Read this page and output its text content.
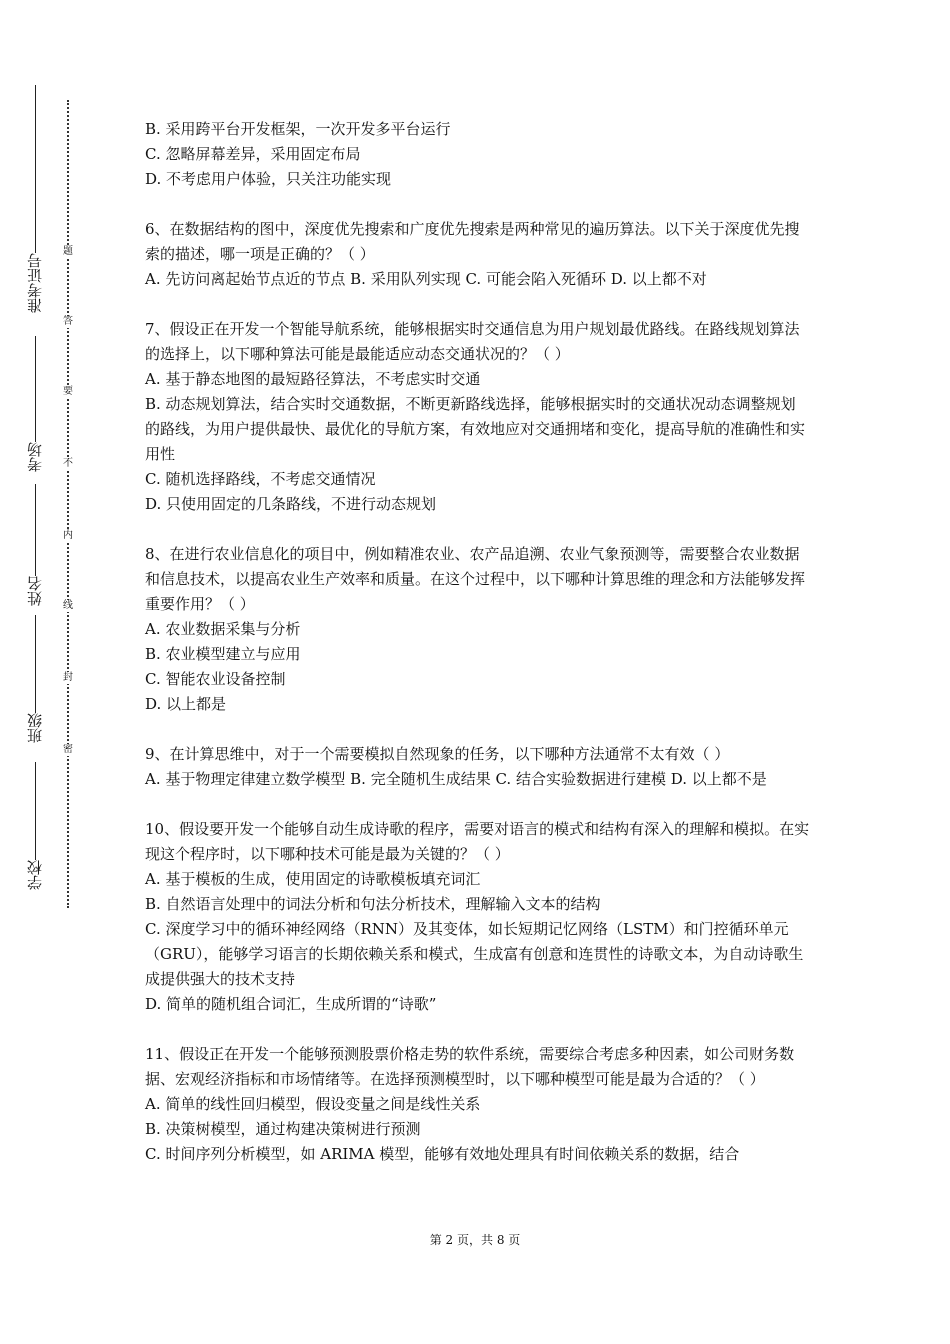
准考证号
考场
姓名
班级
学校
题
答
要
不
内
线
封
密

B. 采用跨平台开发框架，一次开发多平台运行

C. 忽略屏幕差异，采用固定布局

D. 不考虑用户体验，只关注功能实现

6、在数据结构的图中，深度优先搜索和广度优先搜索是两种常见的遍历算法。以下关于深度优先搜索的描述，哪一项是正确的？（ ）

A. 先访问离起始节点近的节点 B. 采用队列实现 C. 可能会陷入死循环 D. 以上都不对

7、假设正在开发一个智能导航系统，能够根据实时交通信息为用户规划最优路线。在路线规划算法的选择上，以下哪种算法可能是最能适应动态交通状况的？（ ）

A. 基于静态地图的最短路径算法，不考虑实时交通

B. 动态规划算法，结合实时交通数据，不断更新路线选择，能够根据实时的交通状况动态调整规划的路线，为用户提供最快、最优化的导航方案，有效地应对交通拥堵和变化，提高导航的准确性和实用性

C. 随机选择路线，不考虑交通情况

D. 只使用固定的几条路线，不进行动态规划

8、在进行农业信息化的项目中，例如精准农业、农产品追溯、农业气象预测等，需要整合农业数据和信息技术，以提高农业生产效率和质量。在这个过程中，以下哪种计算思维的理念和方法能够发挥重要作用？（ ）

A. 农业数据采集与分析

B. 农业模型建立与应用

C. 智能农业设备控制

D. 以上都是

9、在计算思维中，对于一个需要模拟自然现象的任务，以下哪种方法通常不太有效（ ）

A. 基于物理定律建立数学模型 B. 完全随机生成结果 C. 结合实验数据进行建模 D. 以上都不是

10、假设要开发一个能够自动生成诗歌的程序，需要对语言的模式和结构有深入的理解和模拟。在实现这个程序时，以下哪种技术可能是最为关键的？（ ）

A. 基于模板的生成，使用固定的诗歌模板填充词汇

B. 自然语言处理中的词法分析和句法分析技术，理解输入文本的结构

C. 深度学习中的循环神经网络（RNN）及其变体，如长短期记忆网络（LSTM）和门控循环单元（GRU），能够学习语言的长期依赖关系和模式，生成富有创意和连贯性的诗歌文本，为自动诗歌生成提供强大的技术支持

D. 简单的随机组合词汇，生成所谓的“诗歌”

11、假设正在开发一个能够预测股票价格走势的软件系统，需要综合考虑多种因素，如公司财务数据、宏观经济指标和市场情绪等。在选择预测模型时，以下哪种模型可能是最为合适的？（ ）

A. 简单的线性回归模型，假设变量之间是线性关系

B. 决策树模型，通过构建决策树进行预测

C. 时间序列分析模型，如 ARIMA 模型，能够有效地处理具有时间依赖关系的数据，结合

第 2 页，共 8 页
